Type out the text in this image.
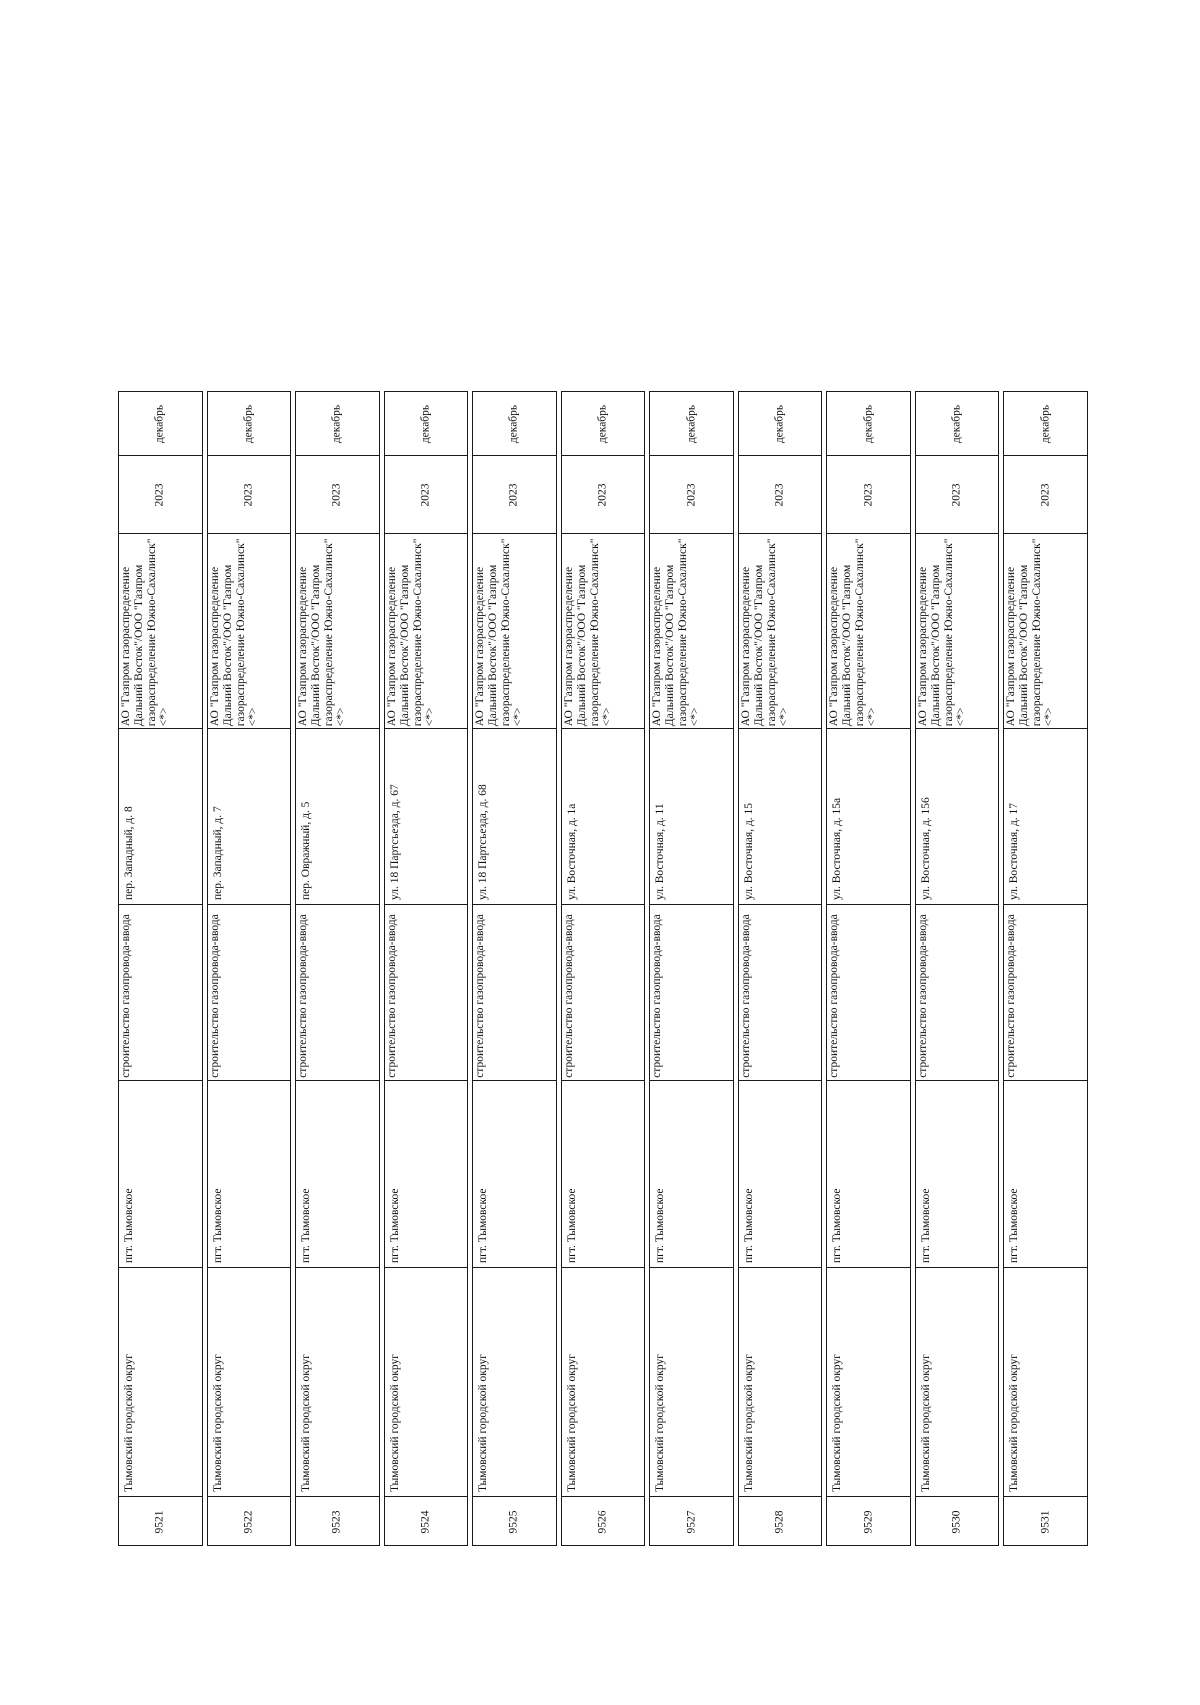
декабрь
2023
АО "Газпром газораспределение Дальний Восток"/ООО "Газпром газораспределение Южно-Сахалинск" <*>
пер. Западный, д. 8
строительство газопровода-ввода
пгт. Тымовское
Тымовский городской округ
9521
декабрь
2023
АО "Газпром газораспределение Дальний Восток"/ООО "Газпром газораспределение Южно-Сахалинск" <*>
пер. Западный, д. 7
строительство газопровода-ввода
пгт. Тымовское
Тымовский городской округ
9522
декабрь
2023
АО "Газпром газораспределение Дальний Восток"/ООО "Газпром газораспределение Южно-Сахалинск" <*>
пер. Овражный, д. 5
строительство газопровода-ввода
пгт. Тымовское
Тымовский городской округ
9523
декабрь
2023
АО "Газпром газораспределение Дальний Восток"/ООО "Газпром газораспределение Южно-Сахалинск" <*>
ул. 18 Партсъезда, д. 67
строительство газопровода-ввода
пгт. Тымовское
Тымовский городской округ
9524
декабрь
2023
АО "Газпром газораспределение Дальний Восток"/ООО "Газпром газораспределение Южно-Сахалинск" <*>
ул. 18 Партсъезда, д. 68
строительство газопровода-ввода
пгт. Тымовское
Тымовский городской округ
9525
декабрь
2023
АО "Газпром газораспределение Дальний Восток"/ООО "Газпром газораспределение Южно-Сахалинск" <*>
ул. Восточная, д. 1а
строительство газопровода-ввода
пгт. Тымовское
Тымовский городской округ
9526
декабрь
2023
АО "Газпром газораспределение Дальний Восток"/ООО "Газпром газораспределение Южно-Сахалинск" <*>
ул. Восточная, д. 11
строительство газопровода-ввода
пгт. Тымовское
Тымовский городской округ
9527
декабрь
2023
АО "Газпром газораспределение Дальний Восток"/ООО "Газпром газораспределение Южно-Сахалинск" <*>
ул. Восточная, д. 15
строительство газопровода-ввода
пгт. Тымовское
Тымовский городской округ
9528
декабрь
2023
АО "Газпром газораспределение Дальний Восток"/ООО "Газпром газораспределение Южно-Сахалинск" <*>
ул. Восточная, д. 15а
строительство газопровода-ввода
пгт. Тымовское
Тымовский городской округ
9529
декабрь
2023
АО "Газпром газораспределение Дальний Восток"/ООО "Газпром газораспределение Южно-Сахалинск" <*>
ул. Восточная, д. 156
строительство газопровода-ввода
пгт. Тымовское
Тымовский городской округ
9530
декабрь
2023
АО "Газпром газораспределение Дальний Восток"/ООО "Газпром газораспределение Южно-Сахалинск" <*>
ул. Восточная, д. 17
строительство газопровода-ввода
пгт. Тымовское
Тымовский городской округ
9531
